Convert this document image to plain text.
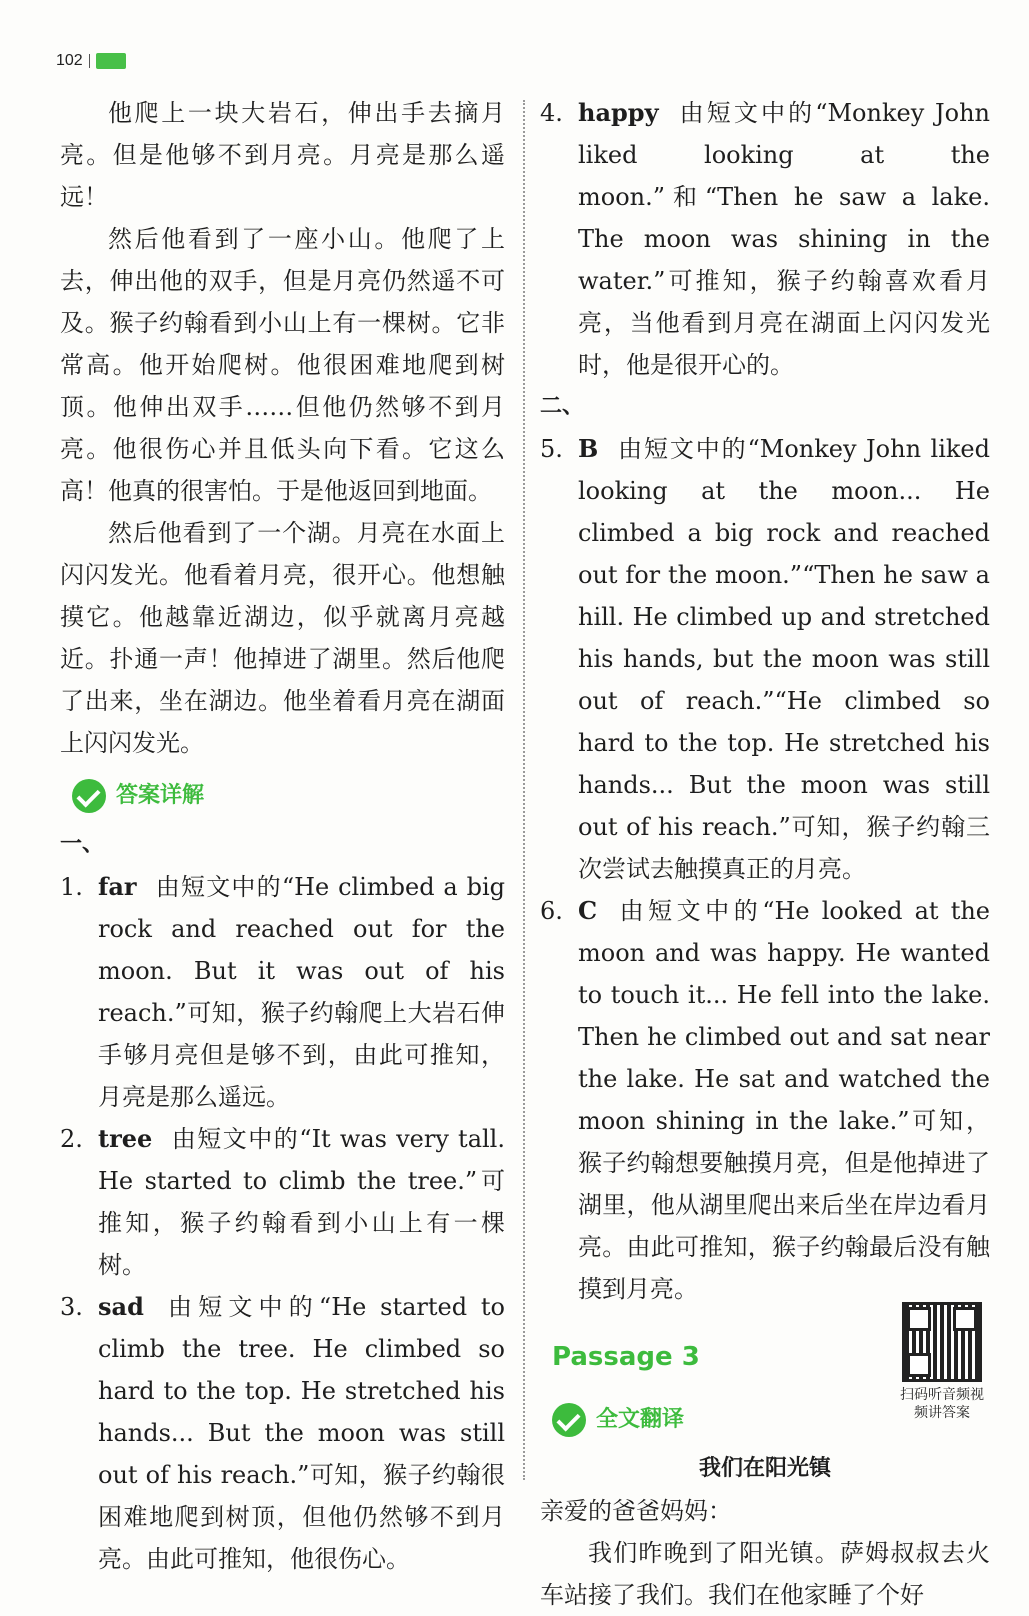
102

他爬上一块大岩石，伸出手去摘月亮。但是他够不到月亮。月亮是那么遥远！

然后他看到了一座小山。他爬了上去，伸出他的双手，但是月亮仍然遥不可及。猴子约翰看到小山上有一棵树。它非常高。他开始爬树。他很困难地爬到树顶。他伸出双手……但他仍然够不到月亮。他很伤心并且低头向下看。它这么高！他真的很害怕。于是他返回到地面。

然后他看到了一个湖。月亮在水面上闪闪发光。他看着月亮，很开心。他想触摸它。他越靠近湖边，似乎就离月亮越近。扑通一声！他掉进了湖里。然后他爬了出来，坐在湖边。他坐着看月亮在湖面上闪闪发光。

答案详解
一、
1. far 由短文中的“He climbed a big rock and reached out for the moon. But it was out of his reach.”可知，猴子约翰爬上大岩石伸手够月亮但是够不到，由此可推知，月亮是那么遥远。
2. tree 由短文中的“It was very tall. He started to climb the tree.”可推知，猴子约翰看到小山上有一棵树。
3. sad 由短文中的“He started to climb the tree. He climbed so hard to the top. He stretched his hands... But the moon was still out of his reach.”可知，猴子约翰很困难地爬到树顶，但他仍然够不到月亮。由此可推知，他很伤心。
4. happy 由短文中的“Monkey John liked looking at the moon.”和“Then he saw a lake. The moon was shining in the water.”可推知，猴子约翰喜欢看月亮，当他看到月亮在湖面上闪闪发光时，他是很开心的。
二、
5. B 由短文中的“Monkey John liked looking at the moon... He climbed a big rock and reached out for the moon.”“Then he saw a hill. He climbed up and stretched his hands, but the moon was still out of reach.”“He climbed so hard to the top. He stretched his hands... But the moon was still out of his reach.”可知，猴子约翰三次尝试去触摸真正的月亮。
6. C 由短文中的“He looked at the moon and was happy. He wanted to touch it... He fell into the lake. Then he climbed out and sat near the lake. He sat and watched the moon shining in the lake.”可知，猴子约翰想要触摸月亮，但是他掉进了湖里，他从湖里爬出来后坐在岸边看月亮。由此可推知，猴子约翰最后没有触摸到月亮。
Passage 3
扫码听音频视频讲答案
全文翻译
我们在阳光镇

亲爱的爸爸妈妈：

我们昨晚到了阳光镇。萨姆叔叔去火车站接了我们。我们在他家睡了个好
